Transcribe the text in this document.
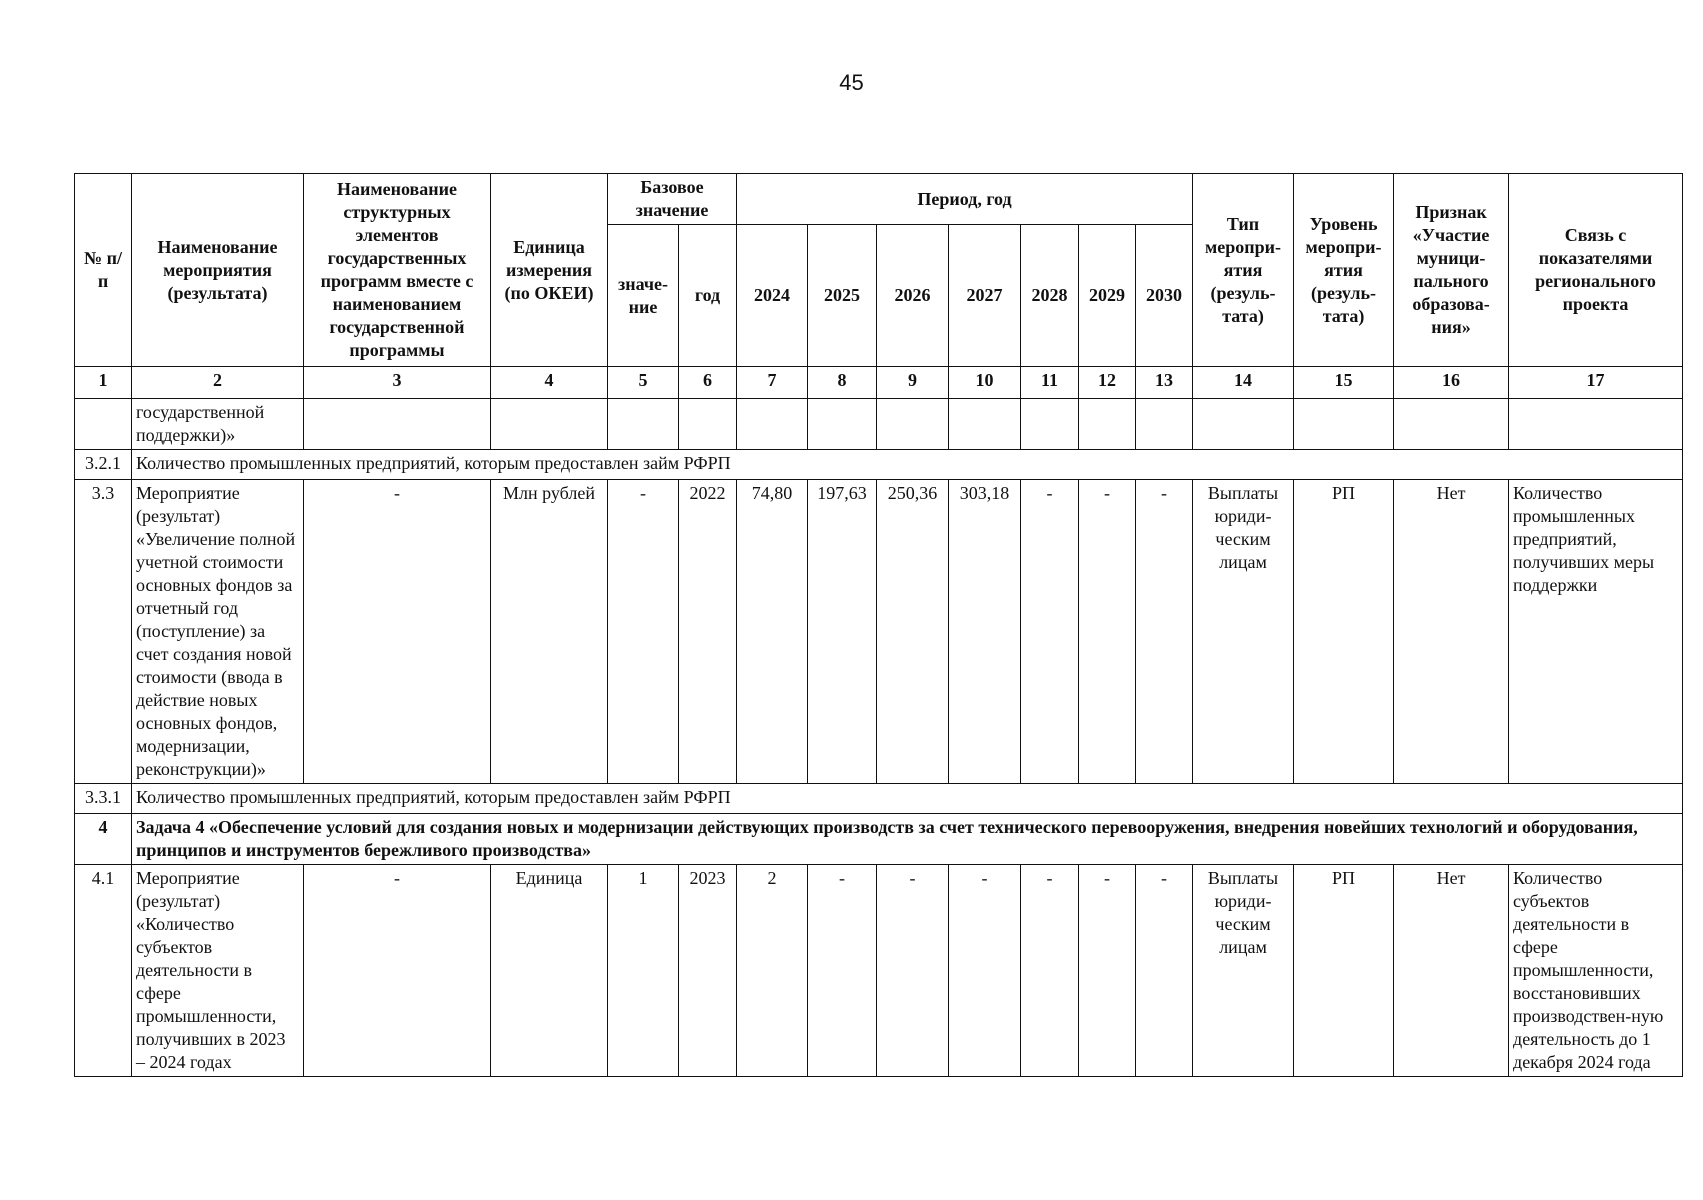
45
№ п/п	Наименование мероприятия (результата)	Наименование структурных элементов государственных программ вместе с наименованием государственной программы	Единица измерения (по ОКЕИ)	Базовое значение		Период, год							Тип меропри-ятия (резуль-тата)	Уровень меропри-ятия (резуль-тата)	Признак «Участие муници-пального образова-ния»	Связь с показателями регионального проекта
				значе-ние	год	2024	2025	2026	2027	2028	2029	2030				
1	2	3	4	5	6	7	8	9	10	11	12	13	14	15	16	17
	государственной поддержки)»															
3.2.1	Количество промышленных предприятий, которым предоставлен займ РФРП															
3.3	Мероприятие (результат) «Увеличение полной учетной стоимости основных фондов за отчетный год (поступление) за счет создания новой стоимости (ввода в действие новых основных фондов, модернизации, реконструкции)»	-	Млн рублей	-	2022	74,80	197,63	250,36	303,18	-	-	-	Выплаты юриди-ческим лицам	РП	Нет	Количество промышленных предприятий, получивших меры поддержки
3.3.1	Количество промышленных предприятий, которым предоставлен займ РФРП															
4	Задача 4 «Обеспечение условий для создания новых и модернизации действующих производств за счет технического перевооружения, внедрения новейших технологий и оборудования, принципов и инструментов бережливого производства»															
4.1	Мероприятие (результат) «Количество субъектов деятельности в сфере промышленности, получивших в 2023 – 2024 годах	-	Единица	1	2023	2	-	-	-	-	-	-	Выплаты юриди-ческим лицам	РП	Нет	Количество субъектов деятельности в сфере промышленности, восстановивших производствен-ную деятельность до 1 декабря 2024 года
